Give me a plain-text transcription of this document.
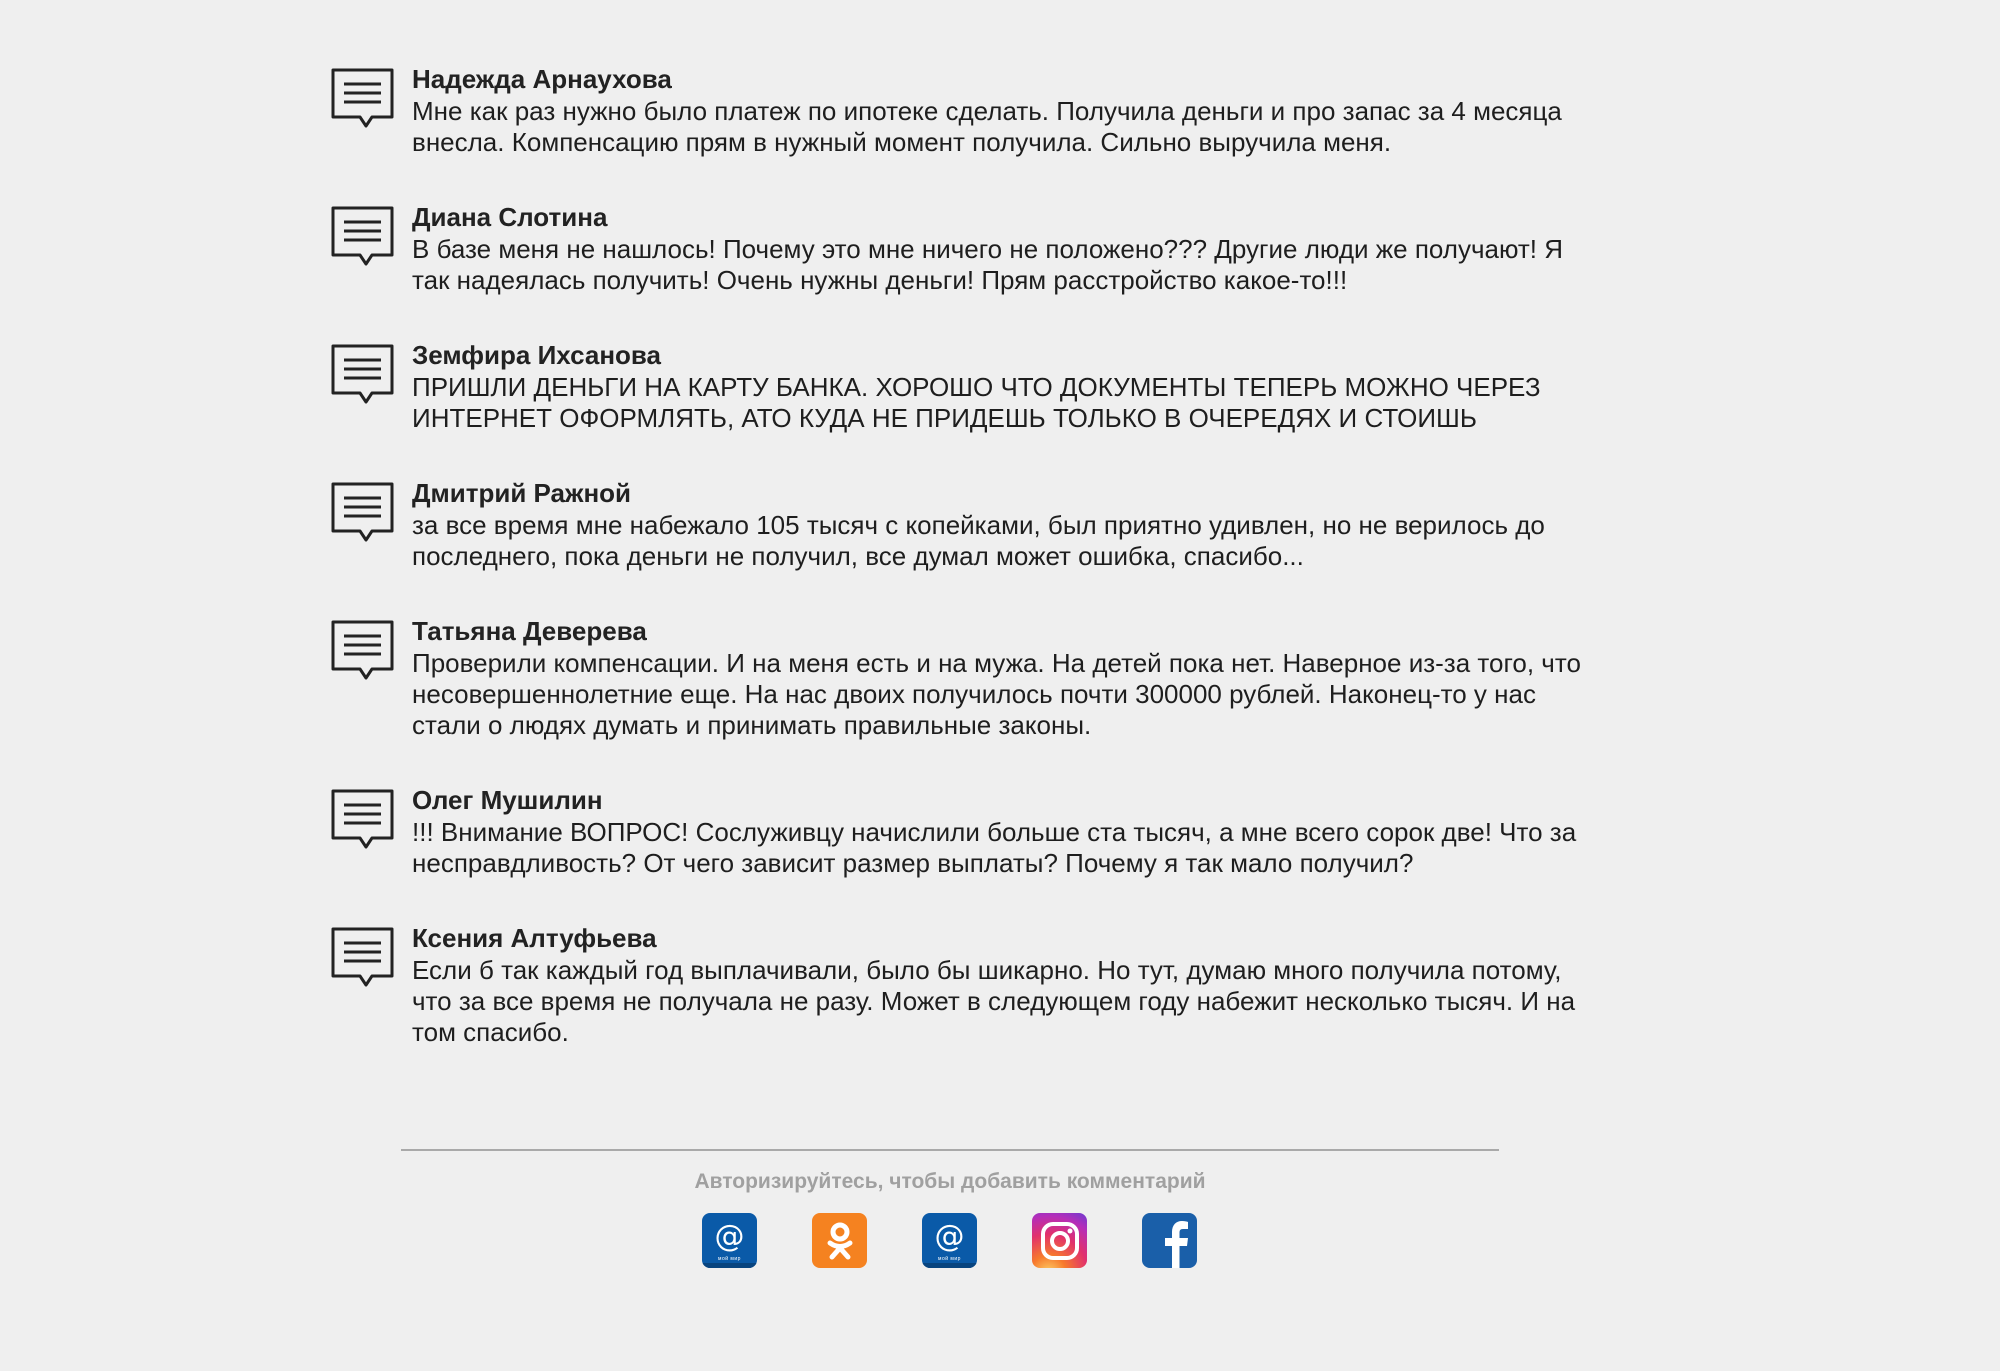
Надежда Арнаухова
Мне как раз нужно было платеж по ипотеке сделать. Получила деньги и про запас за 4 месяца внесла. Компенсацию прям в нужный момент получила. Сильно выручила меня.
Диана Слотина
В базе меня не нашлось! Почему это мне ничего не положено??? Другие люди же получают! Я так надеялась получить! Очень нужны деньги! Прям расстройство какое-то!!!
Земфира Ихсанова
ПРИШЛИ ДЕНЬГИ НА КАРТУ БАНКА. ХОРОШО ЧТО ДОКУМЕНТЫ ТЕПЕРЬ МОЖНО ЧЕРЕЗ ИНТЕРНЕТ ОФОРМЛЯТЬ, АТО КУДА НЕ ПРИДЕШЬ ТОЛЬКО В ОЧЕРЕДЯХ И СТОИШЬ
Дмитрий Ражной
за все время мне набежало 105 тысяч с копейками, был приятно удивлен, но не верилось до последнего, пока деньги не получил, все думал может ошибка, спасибо...
Татьяна Деверева
Проверили компенсации. И на меня есть и на мужа. На детей пока нет. Наверное из-за того, что несовершеннолетние еще. На нас двоих получилось почти 300000 рублей. Наконец-то у нас стали о людях думать и принимать правильные законы.
Олег Мушилин
!!! Внимание ВОПРОС! Сослуживцу начислили больше ста тысяч, а мне всего сорок две! Что за несправдливость? От чего зависит размер выплаты? Почему я так мало получил?
Ксения Алтуфьева
Если б так каждый год выплачивали, было бы шикарно. Но тут, думаю много получила потому, что за все время не получала не разу. Может в следующем году набежит несколько тысяч. И на том спасибо.
Авторизируйтесь, чтобы добавить комментарий
@
мой мир
@
мой мир
